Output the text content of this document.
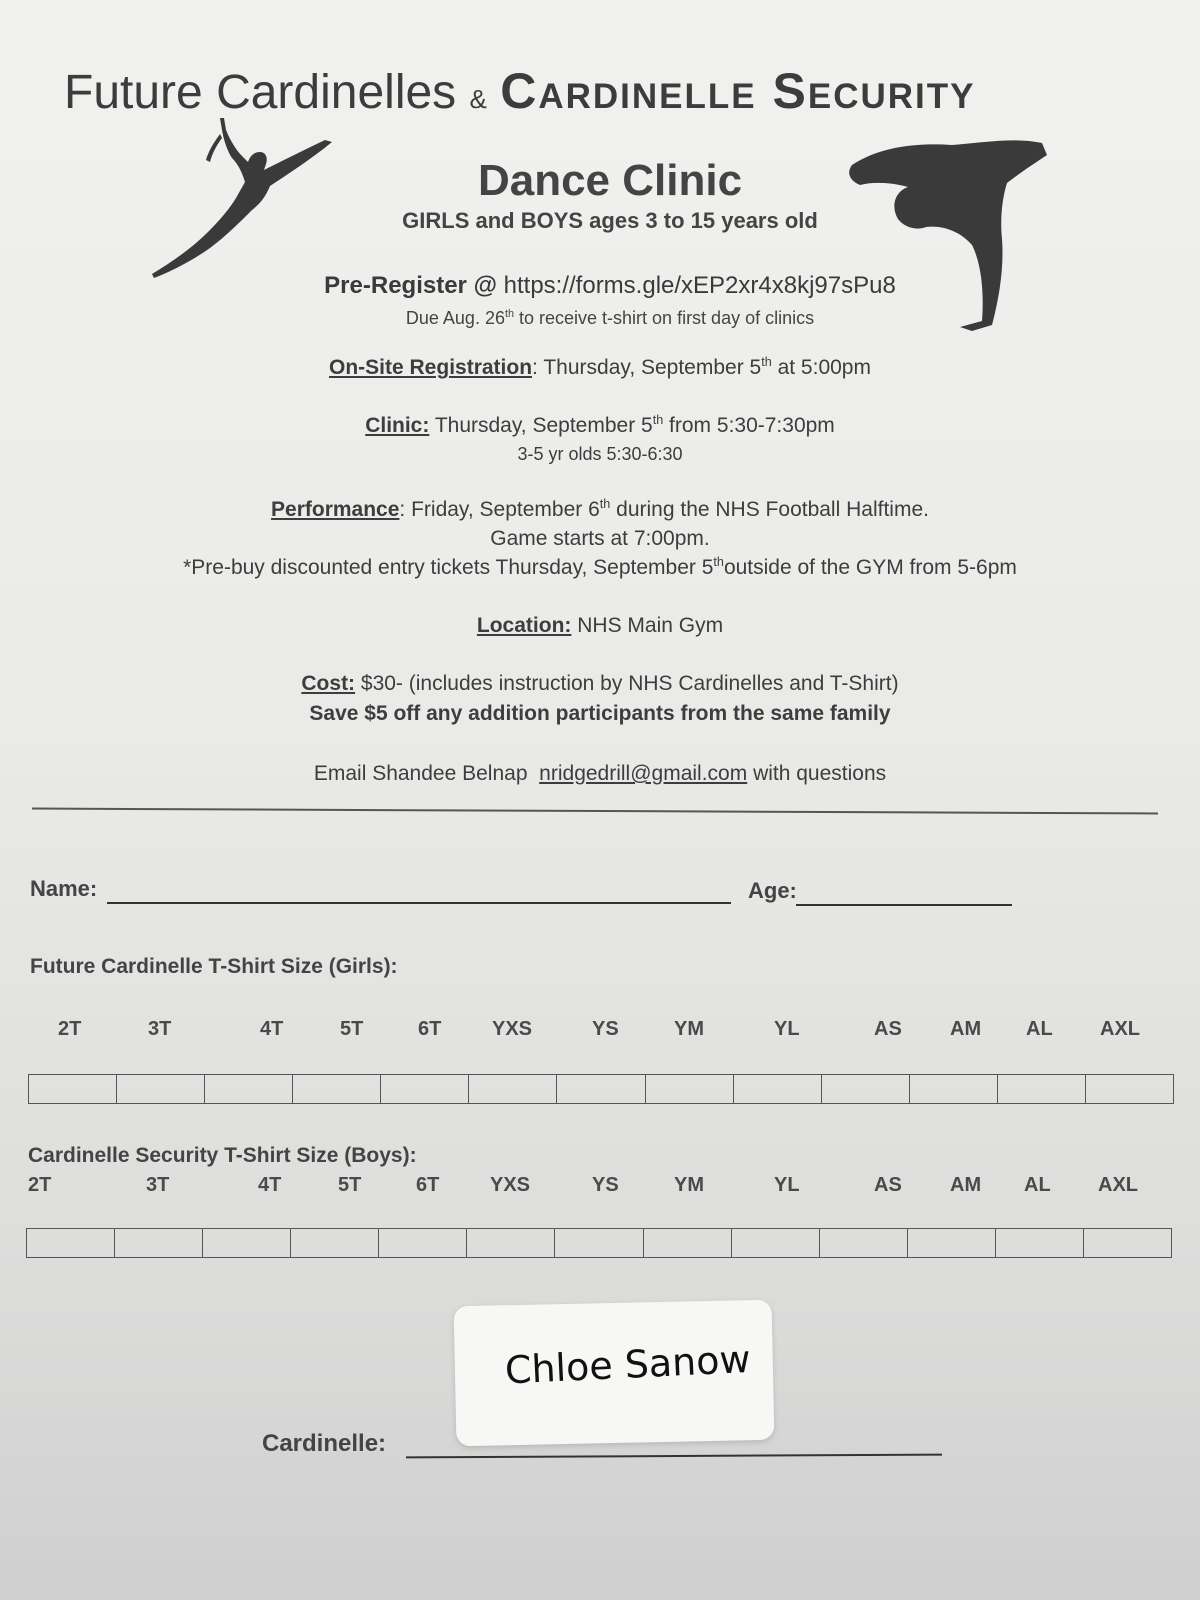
Future Cardinelles & Cardinelle Security
Dance Clinic
GIRLS and BOYS ages 3 to 15 years old
Pre-Register @ https://forms.gle/xEP2xr4x8kj97sPu8
Due Aug. 26th to receive t-shirt on first day of clinics
On-Site Registration: Thursday, September 5th at 5:00pm
Clinic: Thursday, September 5th from 5:30-7:30pm
3-5 yr olds 5:30-6:30
Performance: Friday, September 6th during the NHS Football Halftime.
Game starts at 7:00pm.
*Pre-buy discounted entry tickets Thursday, September 5thoutside of the GYM from 5-6pm
Location: NHS Main Gym
Cost: $30- (includes instruction by NHS Cardinelles and T-Shirt)
Save $5 off any addition participants from the same family
Email Shandee Belnap nridgedrill@gmail.com with questions
Name:	Age:
Future Cardinelle T-Shirt Size (Girls):
2T	3T	4T	5T	6T	YXS	YS	YM	YL	AS AM AL AXL
Cardinelle Security T-Shirt Size (Boys):
2T	3T	4T	5T	6T	YXS	YS	YM	YL	AS AM AL AXL
Chloe Sanow
Cardinelle:
